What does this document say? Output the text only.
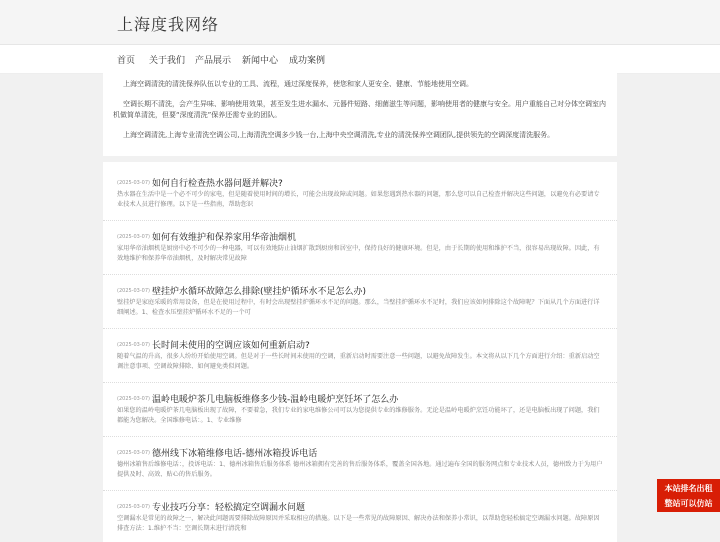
上海度我网络
首页 关于我们 产品展示 新闻中心 成功案例

上海空调清洗的清洗保养队伍以专业的工具、流程，通过深度保养，使您和家人更安全、健康、节能地使用空调。

空调长期不清洗，会产生异味、影响使用效果，甚至发生进水漏水、元器件短路、细菌滋生等问题，影响使用者的健康与安全。用户重能自己对分体空调室内机做简单清洗，但要“深度清洗”保养还需专业的团队。

上海空调清洗,上海专业清洗空调公司,上海清洗空调多少钱一台,上海中央空调清洗,专业的清洗保养空调团队,提供领先的空调深度清洗服务。

(2025-03-07) 如何自行检查热水器问题并解决?
热水器在生活中是一个必不可少的家电，但是随着使用时间的增长，可能会出现故障或问题。如果您遇到热水器的问题，那么您可以自己检查并解决这些问题，以避免有必要请专业技术人员进行修理。以下是一些指南，帮助您识
(2025-03-07) 如何有效维护和保养家用华帝油烟机
家用华帝油烟机是厨房中必不可少的一种电器，可以有效地防止油烟扩散到厨房和居室中，保持良好的健康环境。但是，由于长期的使用和维护不当，很容易出现故障。因此，有效地维护和保养华帝油烟机，及时解决常见故障
(2025-03-07) 壁挂炉水循环故障怎么排除(壁挂炉循环水不足怎么办)
壁挂炉是家庭采暖的常用设备，但是在使用过程中，有时会出现壁挂炉循环水不足的问题。那么，当壁挂炉循环水不足时，我们应该如何排除这个故障呢？下面从几个方面进行详细阐述。1、检查水压壁挂炉循环水不足的一个可
(2025-03-07) 长时间未使用的空调应该如何重新启动?
随着气温的升高，很多人纷纷开始使用空调。但是对于一些长时间未使用的空调，重新启动时需要注意一些问题，以避免故障发生。本文将从以下几个方面进行介绍：重新启动空调注意事项、空调故障排除、如何避免类似问题。
(2025-03-07) 温岭电暖炉茶几电脑板维修多少钱-温岭电暖炉烹饪坏了怎么办
如果您的温岭电暖炉茶几电脑板出现了故障，不要着急，我们专业的家电维修公司可以为您提供专业的维修服务。无论是温岭电暖炉烹饪功能坏了，还是电脑板出现了问题，我们都能为您解决。全国维修电话：。1、专业维修
(2025-03-07) 德州线下冰箱维修电话-德州冰箱投诉电话
德州冰箱售后维修电话：，投诉电话：1、德州冰箱售后服务体系 德州冰箱拥有完善的售后服务体系，覆盖全国各地。通过遍布全国的服务网点和专业技术人员，德州致力于为用户提供及时、高效、贴心的售后服务。
(2025-03-07) 专业技巧分享：轻松搞定空调漏水问题
空调漏水是常见的故障之一，解决此问题需要排除故障原因并采取相应的措施。以下是一些常见的故障原因、解决办法和保养小常识，以帮助您轻松搞定空调漏水问题。故障原因排查方法：1.维护不当：空调长期未进行清洗和
本站排名出租
整站可以仿站
